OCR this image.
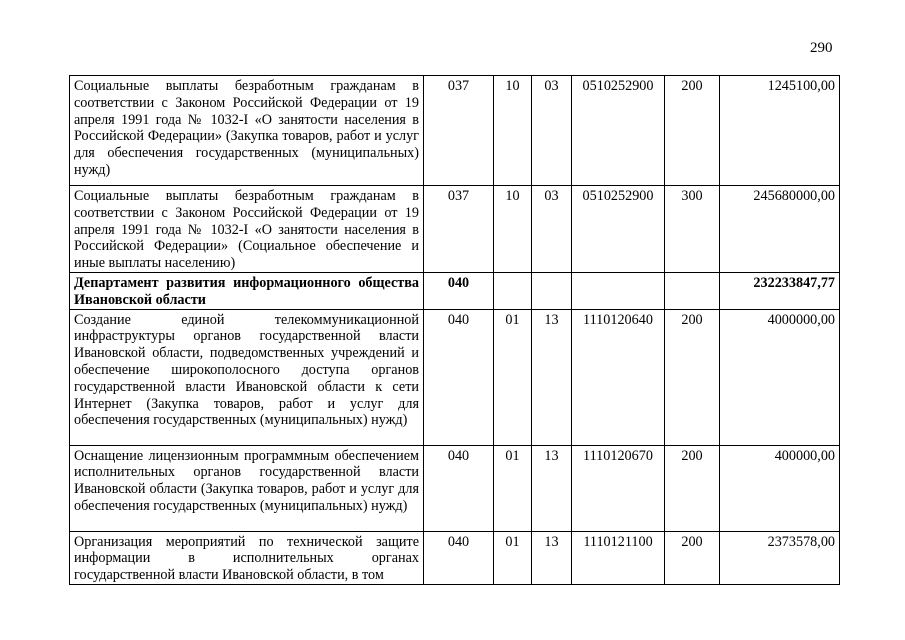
290
Социальные выплаты безработным гражданам в соответствии с Законом Российской Федерации от 19 апреля 1991 года № 1032-I «О занятости населения в Российской Федерации» (Закупка товаров, работ и услуг для обеспечения государственных (муниципальных) нужд)	037	10	03	0510252900	200	1245100,00
Социальные выплаты безработным гражданам в соответствии с Законом Российской Федерации от 19 апреля 1991 года № 1032-I «О занятости населения в Российской Федерации» (Социальное обеспечение и иные выплаты населению)	037	10	03	0510252900	300	245680000,00
Департамент развития информационного общества Ивановской области	040					232233847,77
Создание единой телекоммуникационной инфраструктуры органов государственной власти Ивановской области, подведомственных учреждений и обеспечение широкополосного доступа органов государственной власти Ивановской области к сети Интернет (Закупка товаров, работ и услуг для обеспечения государственных (муниципальных) нужд)	040	01	13	1110120640	200	4000000,00
Оснащение лицензионным программным обеспечением исполнительных органов государственной власти Ивановской области (Закупка товаров, работ и услуг для обеспечения государственных (муниципальных) нужд)	040	01	13	1110120670	200	400000,00
Организация мероприятий по технической защите информации в исполнительных органах государственной власти Ивановской области, в том	040	01	13	1110121100	200	2373578,00
